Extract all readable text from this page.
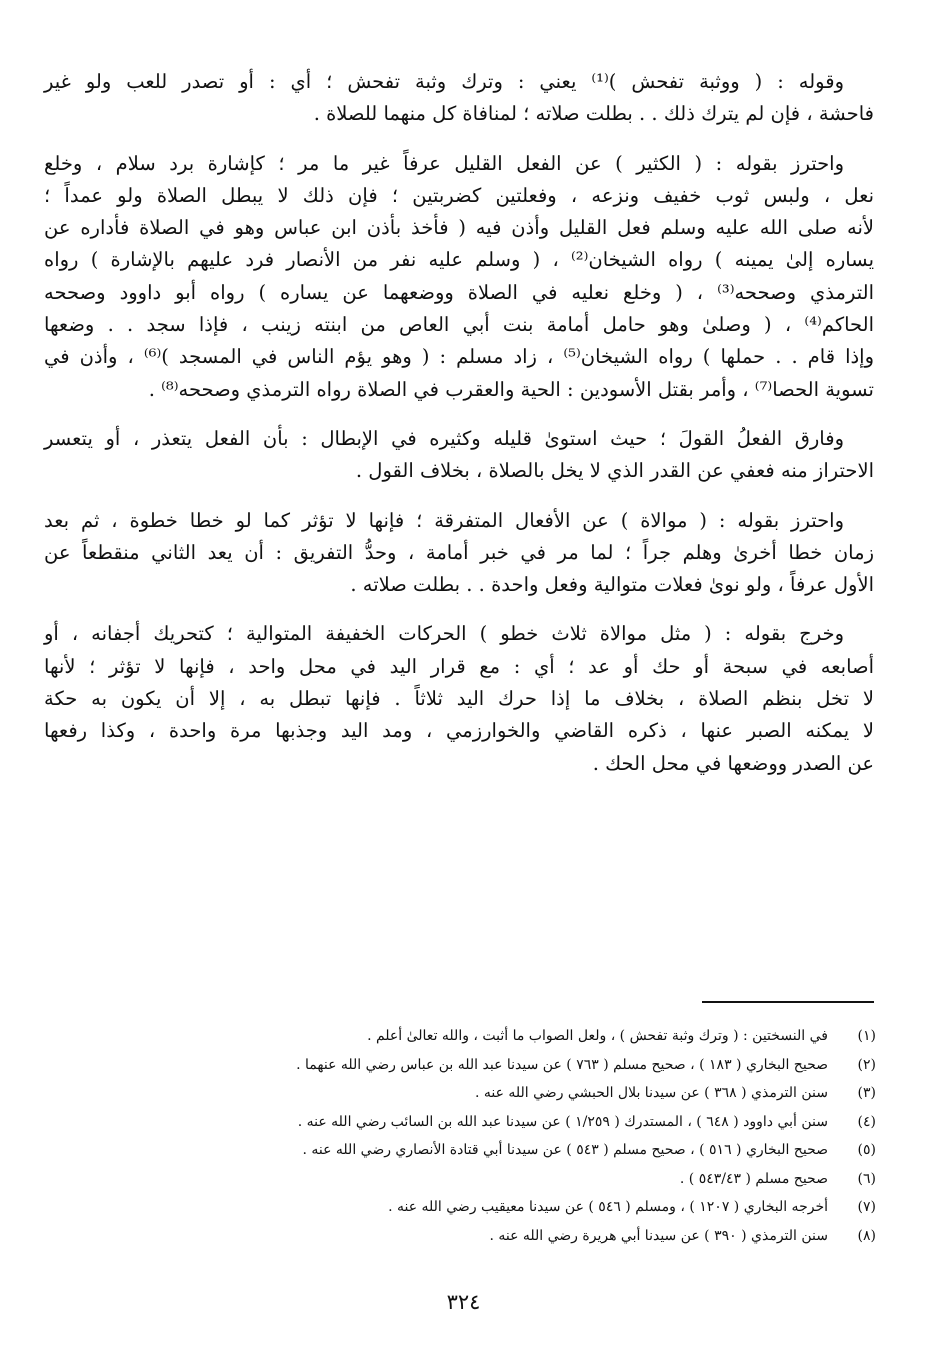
وقوله : ( ووثبة تفحش )⁽¹⁾ يعني : وترك وثبة تفحش ؛ أي : أو تصدر للعب ولو غير
فاحشة ، فإن لم يترك ذلك . . بطلت صلاته ؛ لمنافاة كل منهما للصلاة .
واحترز بقوله : ( الكثير ) عن الفعل القليل عرفاً غير ما مر ؛ كإشارة برد سلام ، وخلع
نعل ، ولبس ثوب خفيف ونزعه ، وفعلتين كضربتين ؛ فإن ذلك لا يبطل الصلاة ولو عمداً ؛
لأنه صلى الله عليه وسلم فعل القليل وأذن فيه ( فأخذ بأذن ابن عباس وهو في الصلاة فأداره عن
يساره إلىٰ يمينه ) رواه الشيخان⁽²⁾ ، ( وسلم عليه نفر من الأنصار فرد عليهم بالإشارة ) رواه
الترمذي وصححه⁽³⁾ ، ( وخلع نعليه في الصلاة ووضعهما عن يساره ) رواه أبو داوود وصححه
الحاكم⁽⁴⁾ ، ( وصلىٰ وهو حامل أمامة بنت أبي العاص من ابنته زينب ، فإذا سجد . . وضعها
وإذا قام . . حملها ) رواه الشيخان⁽⁵⁾ ، زاد مسلم : ( وهو يؤم الناس في المسجد )⁽⁶⁾ ، وأذن في
تسوية الحصا⁽⁷⁾ ، وأمر بقتل الأسودين : الحية والعقرب في الصلاة رواه الترمذي وصححه⁽⁸⁾ .
وفارق الفعلُ القولَ ؛ حيث استوىٰ قليله وكثيره في الإبطال : بأن الفعل يتعذر ، أو يتعسر
الاحتراز منه فعفي عن القدر الذي لا يخل بالصلاة ، بخلاف القول .
واحترز بقوله : ( موالاة ) عن الأفعال المتفرقة ؛ فإنها لا تؤثر كما لو خطا خطوة ، ثم بعد
زمان خطا أخرىٰ وهلم جراً ؛ لما مر في خبر أمامة ، وحدُّ التفريق : أن يعد الثاني منقطعاً عن
الأول عرفاً ، ولو نوىٰ فعلات متوالية وفعل واحدة . . بطلت صلاته .
وخرج بقوله : ( مثل موالاة ثلاث خطو ) الحركات الخفيفة المتوالية ؛ كتحريك أجفانه ، أو
أصابعه في سبحة أو حك أو عد ؛ أي : مع قرار اليد في محل واحد ، فإنها لا تؤثر ؛ لأنها
لا تخل بنظم الصلاة ، بخلاف ما إذا حرك اليد ثلاثاً . فإنها تبطل به ، إلا أن يكون به حكة
لا يمكنه الصبر عنها ، ذكره القاضي والخوارزمي ، ومد اليد وجذبها مرة واحدة ، وكذا رفعها
عن الصدر ووضعها في محل الحك .
(١)
في النسختين : ( وترك وثبة تفحش ) ، ولعل الصواب ما أثبت ، والله تعالىٰ أعلم .
(٢)
صحيح البخاري ( ١٨٣ ) ، صحيح مسلم ( ٧٦٣ ) عن سيدنا عبد الله بن عباس رضي الله عنهما .
(٣)
سنن الترمذي ( ٣٦٨ ) عن سيدنا بلال الحبشي رضي الله عنه .
(٤)
سنن أبي داوود ( ٦٤٨ ) ، المستدرك ( ١/٢٥٩ ) عن سيدنا عبد الله بن السائب رضي الله عنه .
(٥)
صحيح البخاري ( ٥١٦ ) ، صحيح مسلم ( ٥٤٣ ) عن سيدنا أبي قتادة الأنصاري رضي الله عنه .
(٦)
صحيح مسلم ( ٥٤٣/٤٣ ) .
(٧)
أخرجه البخاري ( ١٢٠٧ ) ، ومسلم ( ٥٤٦ ) عن سيدنا معيقيب رضي الله عنه .
(٨)
سنن الترمذي ( ٣٩٠ ) عن سيدنا أبي هريرة رضي الله عنه .
٣٢٤
